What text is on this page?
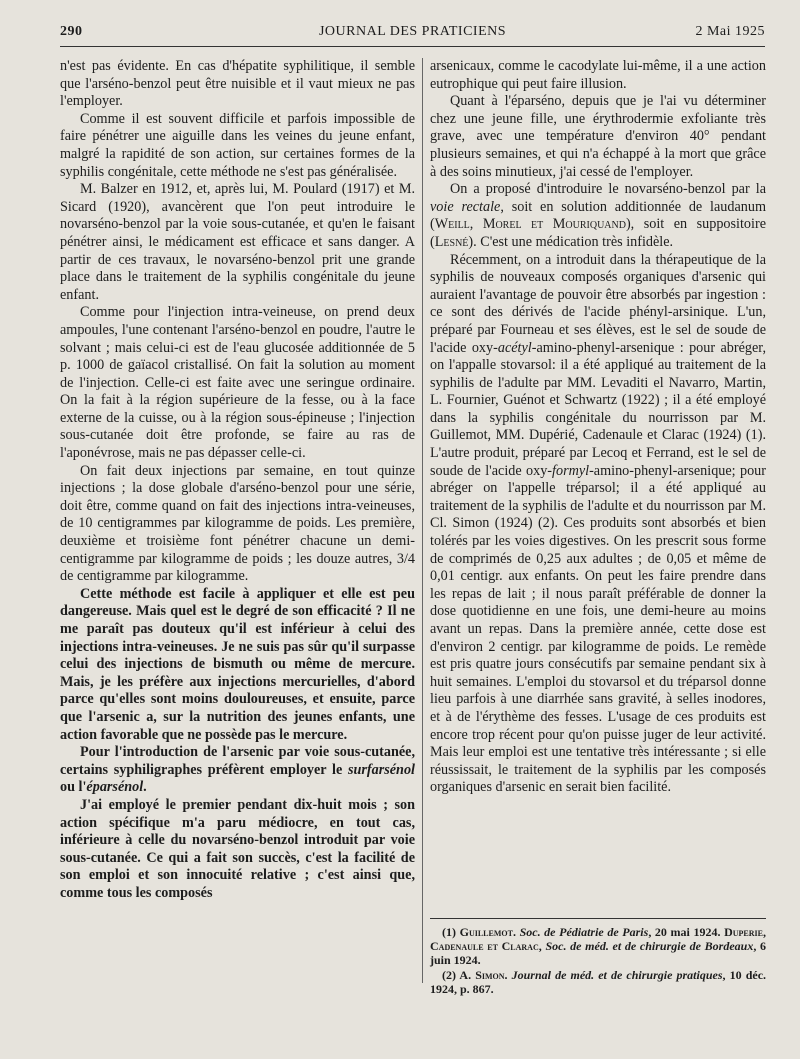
290	JOURNAL DES PRATICIENS	2 Mai 1925

n'est pas évidente. En cas d'hépatite syphilitique, il semble que l'arséno-benzol peut être nuisible et il vaut mieux ne pas l'employer.

Comme il est souvent difficile et parfois impossible de faire pénétrer une aiguille dans les veines du jeune enfant, malgré la rapidité de son action, sur certaines formes de la syphilis congénitale, cette méthode ne s'est pas généralisée.

M. Balzer en 1912, et, après lui, M. Poulard (1917) et M. Sicard (1920), avancèrent que l'on peut introduire le novarséno-benzol par la voie sous-cutanée, et qu'en le faisant pénétrer ainsi, le médicament est efficace et sans danger. A partir de ces travaux, le novarséno-benzol prit une grande place dans le traitement de la syphilis congénitale du jeune enfant.

Comme pour l'injection intra-veineuse, on prend deux ampoules, l'une contenant l'arséno-benzol en poudre, l'autre le solvant ; mais celui-ci est de l'eau glucosée additionnée de 5 p. 1000 de gaïacol cristallisé. On fait la solution au moment de l'injection. Celle-ci est faite avec une seringue ordinaire. On la fait à la région supérieure de la fesse, ou à la face externe de la cuisse, ou à la région sous-épineuse ; l'injection sous-cutanée doit être profonde, se faire au ras de l'aponévrose, mais ne pas dépasser celle-ci.

On fait deux injections par semaine, en tout quinze injections ; la dose globale d'arséno-benzol pour une série, doit être, comme quand on fait des injections intra-veineuses, de 10 centigrammes par kilogramme de poids. Les première, deuxième et troisième font pénétrer chacune un demi-centigramme par kilogramme de poids ; les douze autres, 3/4 de centigramme par kilogramme.

Cette méthode est facile à appliquer et elle est peu dangereuse. Mais quel est le degré de son efficacité ? Il ne me paraît pas douteux qu'il est inférieur à celui des injections intra-veineuses. Je ne suis pas sûr qu'il surpasse celui des injections de bismuth ou même de mercure. Mais, je les préfère aux injections mercurielles, d'abord parce qu'elles sont moins douloureuses, et ensuite, parce que l'arsenic a, sur la nutrition des jeunes enfants, une action favorable que ne possède pas le mercure.

Pour l'introduction de l'arsenic par voie sous-cutanée, certains syphiligraphes préfèrent employer le surfarsénol ou l'éparsénol.

J'ai employé le premier pendant dix-huit mois ; son action spécifique m'a paru médiocre, en tout cas, inférieure à celle du novarséno-benzol introduit par voie sous-cutanée. Ce qui a fait son succès, c'est la facilité de son emploi et son innocuité relative ; c'est ainsi que, comme tous les composés

arsenicaux, comme le cacodylate lui-même, il a une action eutrophique qui peut faire illusion.

Quant à l'éparséno, depuis que je l'ai vu déterminer chez une jeune fille, une érythrodermie exfoliante très grave, avec une température d'environ 40° pendant plusieurs semaines, et qui n'a échappé à la mort que grâce à des soins minutieux, j'ai cessé de l'employer.

On a proposé d'introduire le novarséno-benzol par la voie rectale, soit en solution additionnée de laudanum (Weill, Morel et Mouriquand), soit en suppositoire (Lesné). C'est une médication très infidèle.

Récemment, on a introduit dans la thérapeutique de la syphilis de nouveaux composés organiques d'arsenic qui auraient l'avantage de pouvoir être absorbés par ingestion : ce sont des dérivés de l'acide phényl-arsinique. L'un, préparé par Fourneau et ses élèves, est le sel de soude de l'acide oxy-acétyl-amino-phenyl-arsenique : pour abréger, on l'appalle stovarsol: il a été appliqué au traitement de la syphilis de l'adulte par MM. Levaditi el Navarro, Martin, L. Fournier, Guénot et Schwartz (1922) ; il a été employé dans la syphilis congénitale du nourrisson par M. Guillemot, MM. Dupérié, Cadenaule et Clarac (1924) (1). L'autre produit, préparé par Lecoq et Ferrand, est le sel de soude de l'acide oxy-formyl-amino-phenyl-arsenique; pour abréger on l'appelle tréparsol; il a été appliqué au traitement de la syphilis de l'adulte et du nourrisson par M. Cl. Simon (1924) (2). Ces produits sont absorbés et bien tolérés par les voies digestives. On les prescrit sous forme de comprimés de 0,25 aux adultes ; de 0,05 et même de 0,01 centigr. aux enfants. On peut les faire prendre dans les repas de lait ; il nous paraît préférable de donner la dose quotidienne en une fois, une demi-heure au moins avant un repas. Dans la première année, cette dose est d'environ 2 centigr. par kilogramme de poids. Le remède est pris quatre jours consécutifs par semaine pendant six à huit semaines. L'emploi du stovarsol et du tréparsol donne lieu parfois à une diarrhée sans gravité, à selles inodores, et à de l'érythème des fesses. L'usage de ces produits est encore trop récent pour qu'on puisse juger de leur activité. Mais leur emploi est une tentative très intéressante ; si elle réussissait, le traitement de la syphilis par les composés organiques d'arsenic en serait bien facilité.

(1) Guillemot. Soc. de Pédiatrie de Paris, 20 mai 1924. Duperie, Cadenaule et Clarac, Soc. de méd. et de chirurgie de Bordeaux, 6 juin 1924.

(2) A. Simon. Journal de méd. et de chirurgie pratiques, 10 déc. 1924, p. 867.
